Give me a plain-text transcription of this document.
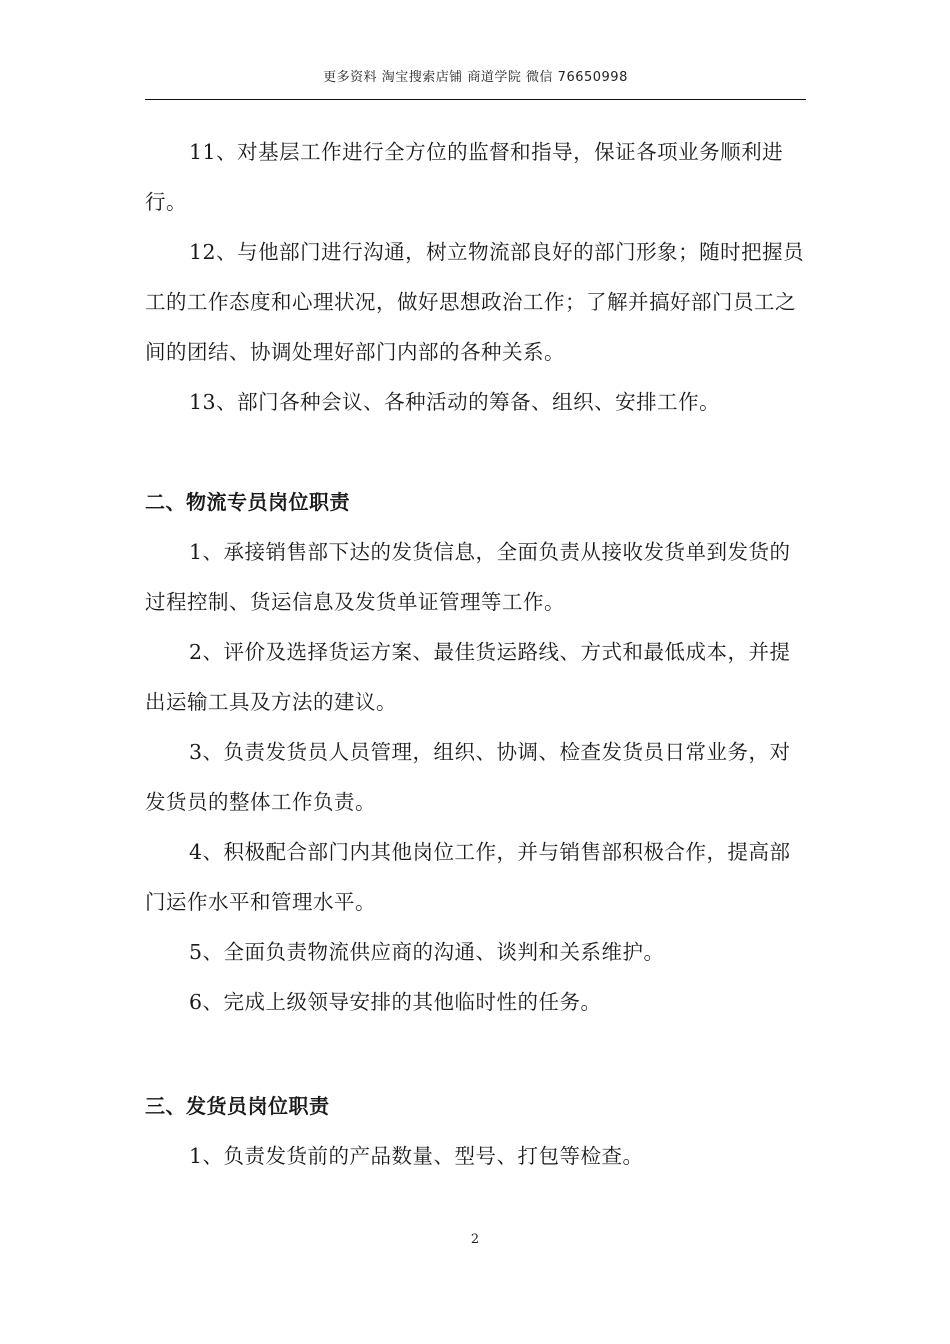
更多资料 淘宝搜索店铺 商道学院 微信 76650998

11、对基层工作进行全方位的监督和指导，保证各项业务顺利进行。

12、与他部门进行沟通，树立物流部良好的部门形象；随时把握员工的工作态度和心理状况，做好思想政治工作；了解并搞好部门员工之间的团结、协调处理好部门内部的各种关系。

13、部门各种会议、各种活动的筹备、组织、安排工作。

二、物流专员岗位职责

1、承接销售部下达的发货信息，全面负责从接收发货单到发货的过程控制、货运信息及发货单证管理等工作。

2、评价及选择货运方案、最佳货运路线、方式和最低成本，并提出运输工具及方法的建议。

3、负责发货员人员管理，组织、协调、检查发货员日常业务，对发货员的整体工作负责。

4、积极配合部门内其他岗位工作，并与销售部积极合作，提高部门运作水平和管理水平。

5、全面负责物流供应商的沟通、谈判和关系维护。

6、完成上级领导安排的其他临时性的任务。

三、发货员岗位职责

1、负责发货前的产品数量、型号、打包等检查。

2
